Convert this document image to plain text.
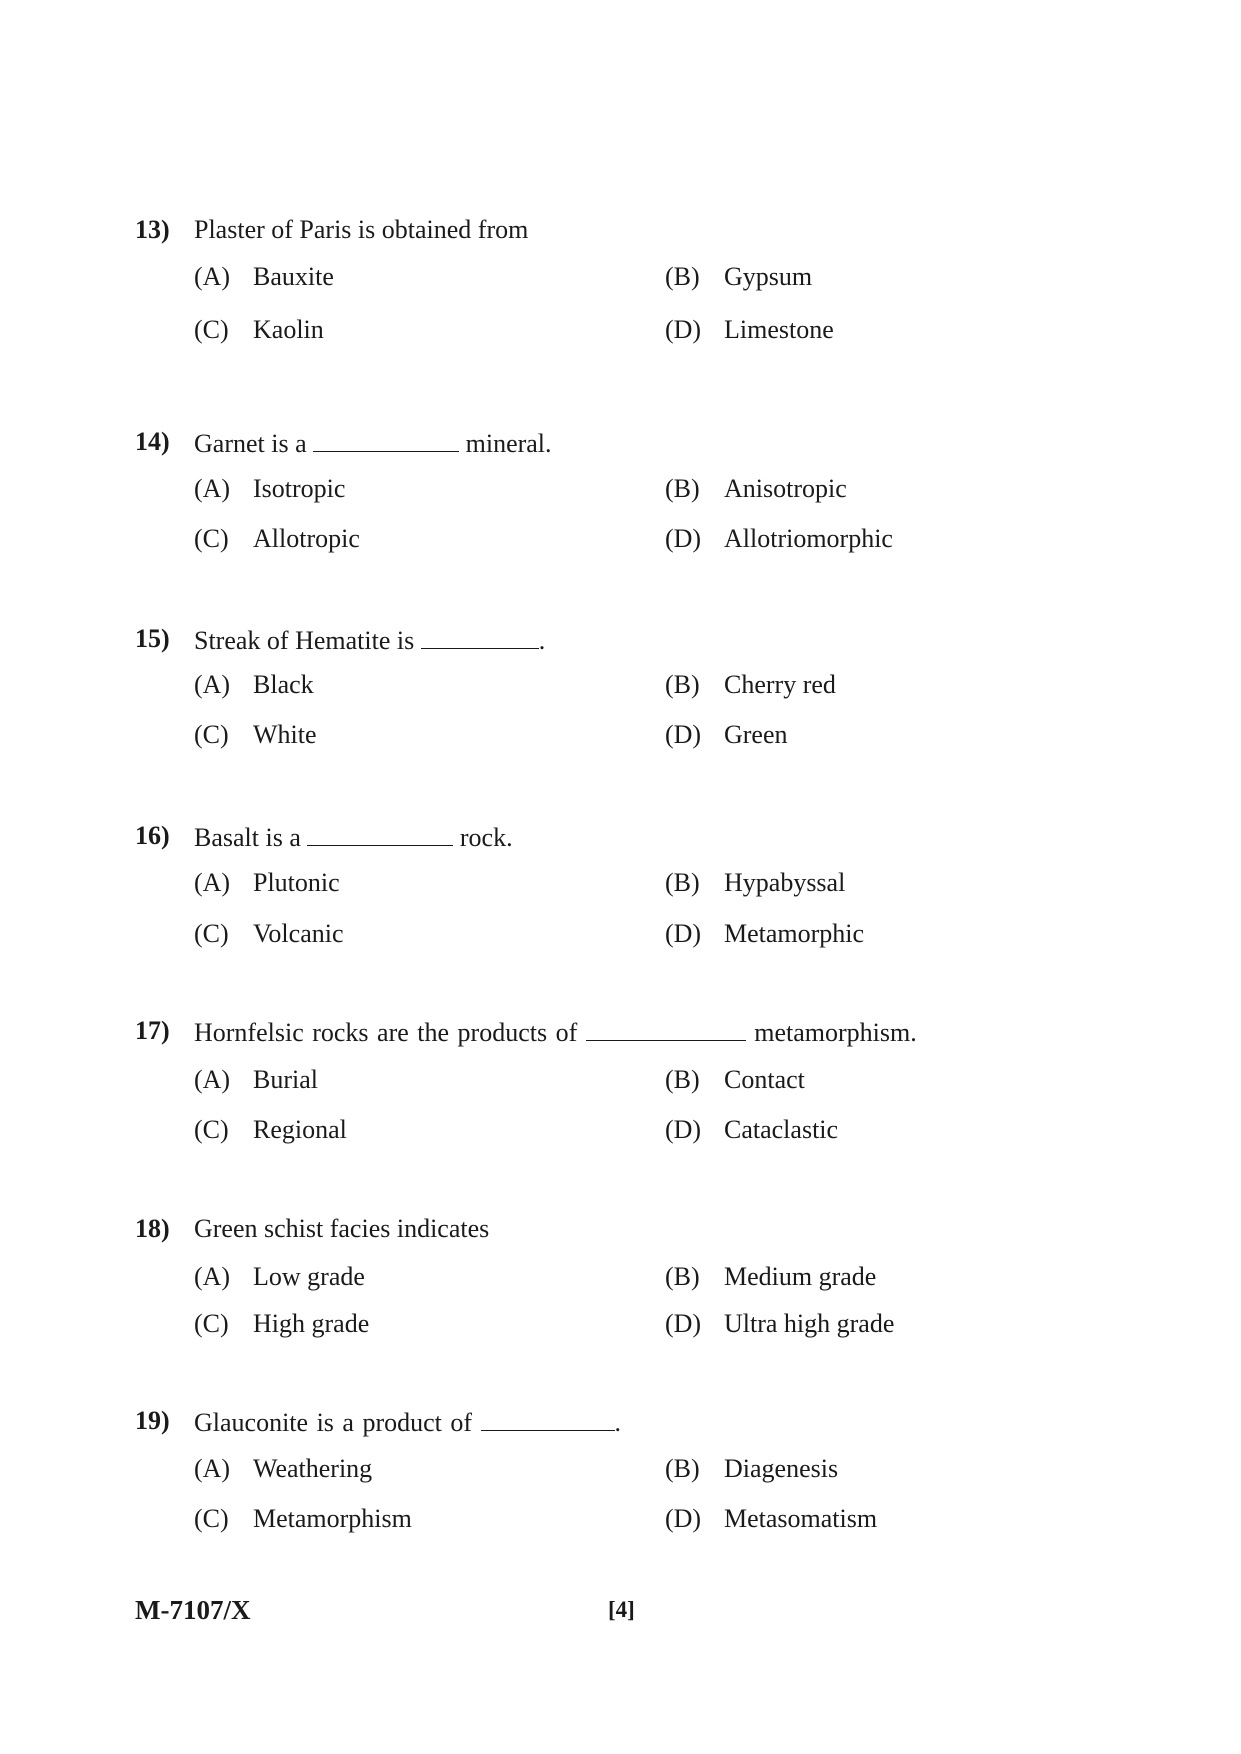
13) Plaster of Paris is obtained from
(A) Bauxite	(B) Gypsum
(C) Kaolin	(D) Limestone
14) Garnet is a	mineral.
(A) Isotropic	(B) Anisotropic
(C) Allotropic	(D) Allotriomorphic
15) Streak of Hematite is	.
(A) Black	(B) Cherry red
(C) White	(D) Green
16) Basalt is a	rock.
(A) Plutonic	(B) Hypabyssal
(C) Volcanic	(D) Metamorphic
17) Hornfelsic rocks are the products of	metamorphism.
(A) Burial	(B) Contact
(C) Regional	(D) Cataclastic
18) Green schist facies indicates
(A) Low grade	(B) Medium grade
(C) High grade	(D) Ultra high grade
19) Glauconite is a product of	.
(A) Weathering	(B) Diagenesis
(C) Metamorphism	(D) Metasomatism
M-7107/X	[4]
